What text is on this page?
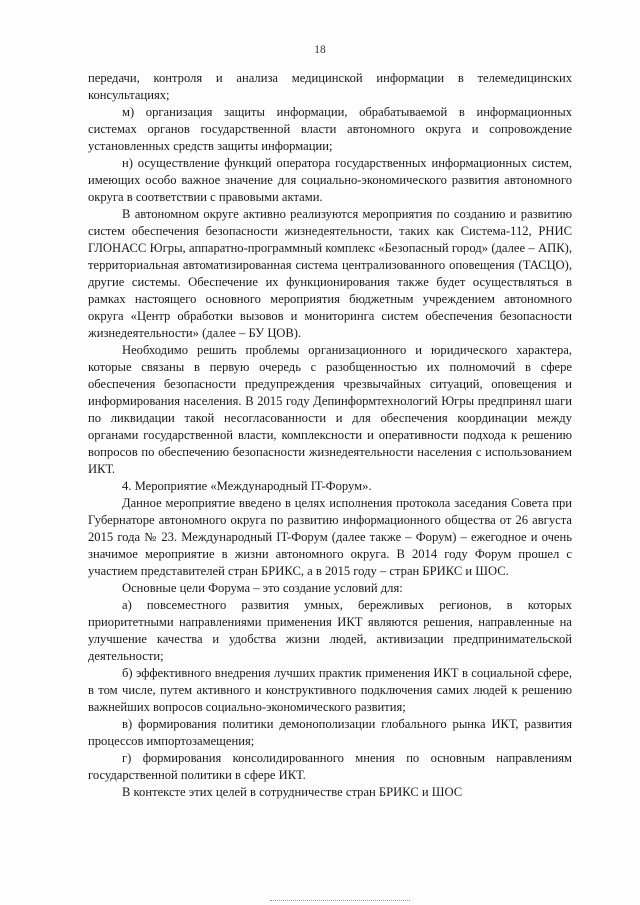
18

передачи, контроля и анализа медицинской информации в телемедицинских консультациях;

м) организация защиты информации, обрабатываемой в информационных системах органов государственной власти автономного округа и сопровождение установленных средств защиты информации;

н) осуществление функций оператора государственных информационных систем, имеющих особо важное значение для социально-экономического развития автономного округа в соответствии с правовыми актами.

В автономном округе активно реализуются мероприятия по созданию и развитию систем обеспечения безопасности жизнедеятельности, таких как Система-112, РНИС ГЛОНАСС Югры, аппаратно-программный комплекс «Безопасный город» (далее – АПК), территориальная автоматизированная система централизованного оповещения (ТАСЦО), другие системы. Обеспечение их функционирования также будет осуществляться в рамках настоящего основного мероприятия бюджетным учреждением автономного округа «Центр обработки вызовов и мониторинга систем обеспечения безопасности жизнедеятельности» (далее – БУ ЦОВ).

Необходимо решить проблемы организационного и юридического характера, которые связаны в первую очередь с разобщенностью их полномочий в сфере обеспечения безопасности предупреждения чрезвычайных ситуаций, оповещения и информирования населения. В 2015 году Депинформтехнологий Югры предпринял шаги по ликвидации такой несогласованности и для обеспечения координации между органами государственной власти, комплексности и оперативности подхода к решению вопросов по обеспечению безопасности жизнедеятельности населения с использованием ИКТ.

4. Мероприятие «Международный IT-Форум».

Данное мероприятие введено в целях исполнения протокола заседания Совета при Губернаторе автономного округа по развитию информационного общества от 26 августа 2015 года № 23. Международный IT-Форум (далее также – Форум) – ежегодное и очень значимое мероприятие в жизни автономного округа. В 2014 году Форум прошел с участием представителей стран БРИКС, а в 2015 году – стран БРИКС и ШОС.

Основные цели Форума – это создание условий для:

а) повсеместного развития умных, бережливых регионов, в которых приоритетными направлениями применения ИКТ являются решения, направленные на улучшение качества и удобства жизни людей, активизации предпринимательской деятельности;

б) эффективного внедрения лучших практик применения ИКТ в социальной сфере, в том числе, путем активного и конструктивного подключения самих людей к решению важнейших вопросов социально-экономического развития;

в) формирования политики демонополизации глобального рынка ИКТ, развития процессов импортозамещения;

г) формирования консолидированного мнения по основным направлениям государственной политики в сфере ИКТ.

В контексте этих целей в сотрудничестве стран БРИКС и ШОС
